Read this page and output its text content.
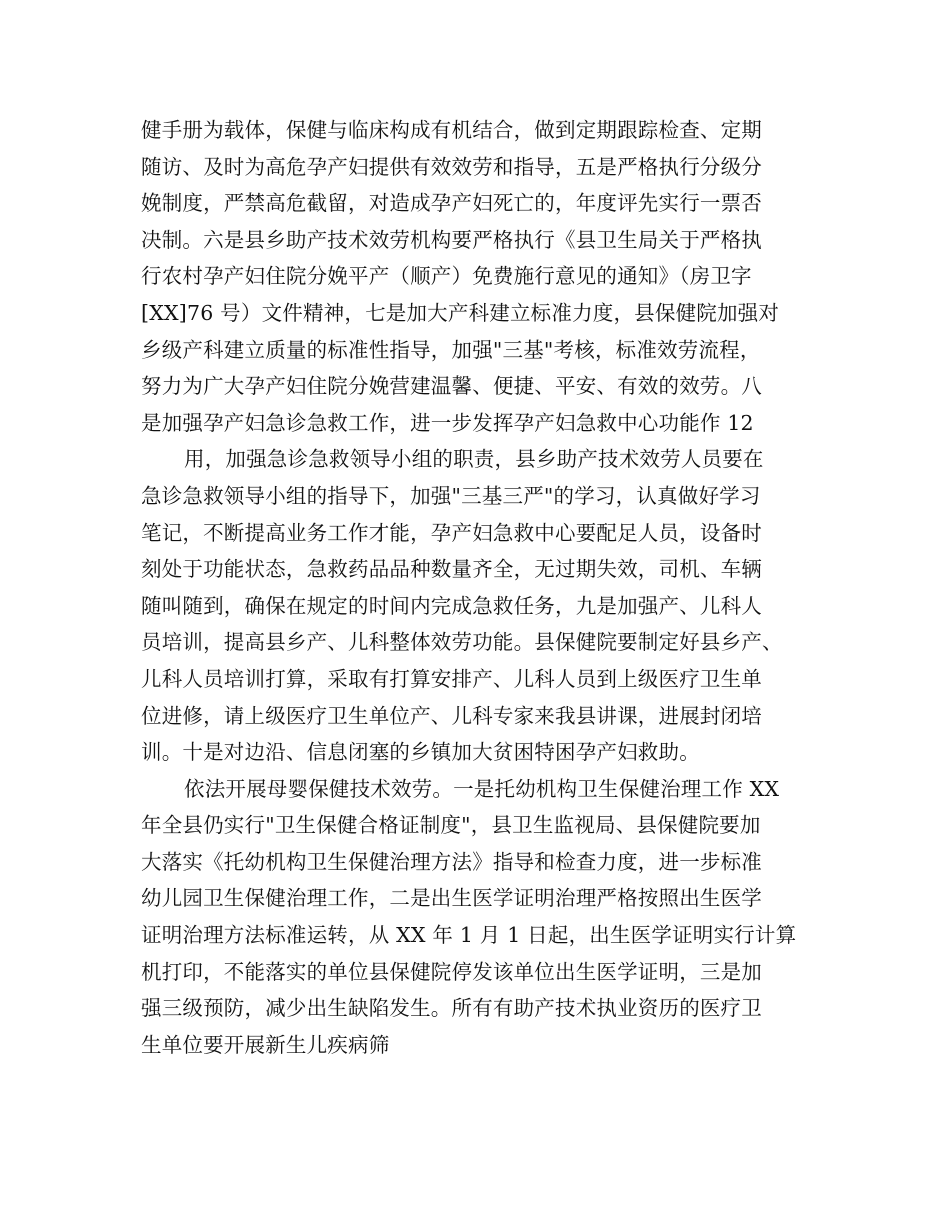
健手册为载体，保健与临床构成有机结合，做到定期跟踪检查、定期
随访、及时为高危孕产妇提供有效效劳和指导，五是严格执行分级分
娩制度，严禁高危截留，对造成孕产妇死亡的，年度评先实行一票否
决制。六是县乡助产技术效劳机构要严格执行《县卫生局关于严格执
行农村孕产妇住院分娩平产（顺产）免费施行意见的通知》（房卫字
[XX]76 号）文件精神，七是加大产科建立标准力度，县保健院加强对
乡级产科建立质量的标准性指导，加强"三基"考核，标准效劳流程，
努力为广大孕产妇住院分娩营建温馨、便捷、平安、有效的效劳。八
是加强孕产妇急诊急救工作，进一步发挥孕产妇急救中心功能作 12
用，加强急诊急救领导小组的职责，县乡助产技术效劳人员要在
急诊急救领导小组的指导下，加强"三基三严"的学习，认真做好学习
笔记，不断提高业务工作才能，孕产妇急救中心要配足人员，设备时
刻处于功能状态，急救药品品种数量齐全，无过期失效，司机、车辆
随叫随到，确保在规定的时间内完成急救任务，九是加强产、儿科人
员培训，提高县乡产、儿科整体效劳功能。县保健院要制定好县乡产、
儿科人员培训打算，采取有打算安排产、儿科人员到上级医疗卫生单
位进修，请上级医疗卫生单位产、儿科专家来我县讲课，进展封闭培
训。十是对边沿、信息闭塞的乡镇加大贫困特困孕产妇救助。
依法开展母婴保健技术效劳。一是托幼机构卫生保健治理工作 XX
年全县仍实行"卫生保健合格证制度"，县卫生监视局、县保健院要加
大落实《托幼机构卫生保健治理方法》指导和检查力度，进一步标准
幼儿园卫生保健治理工作，二是出生医学证明治理严格按照出生医学
证明治理方法标准运转，从 XX 年 1 月 1 日起，出生医学证明实行计算
机打印，不能落实的单位县保健院停发该单位出生医学证明，三是加
强三级预防，减少出生缺陷发生。所有有助产技术执业资历的医疗卫
生单位要开展新生儿疾病筛
